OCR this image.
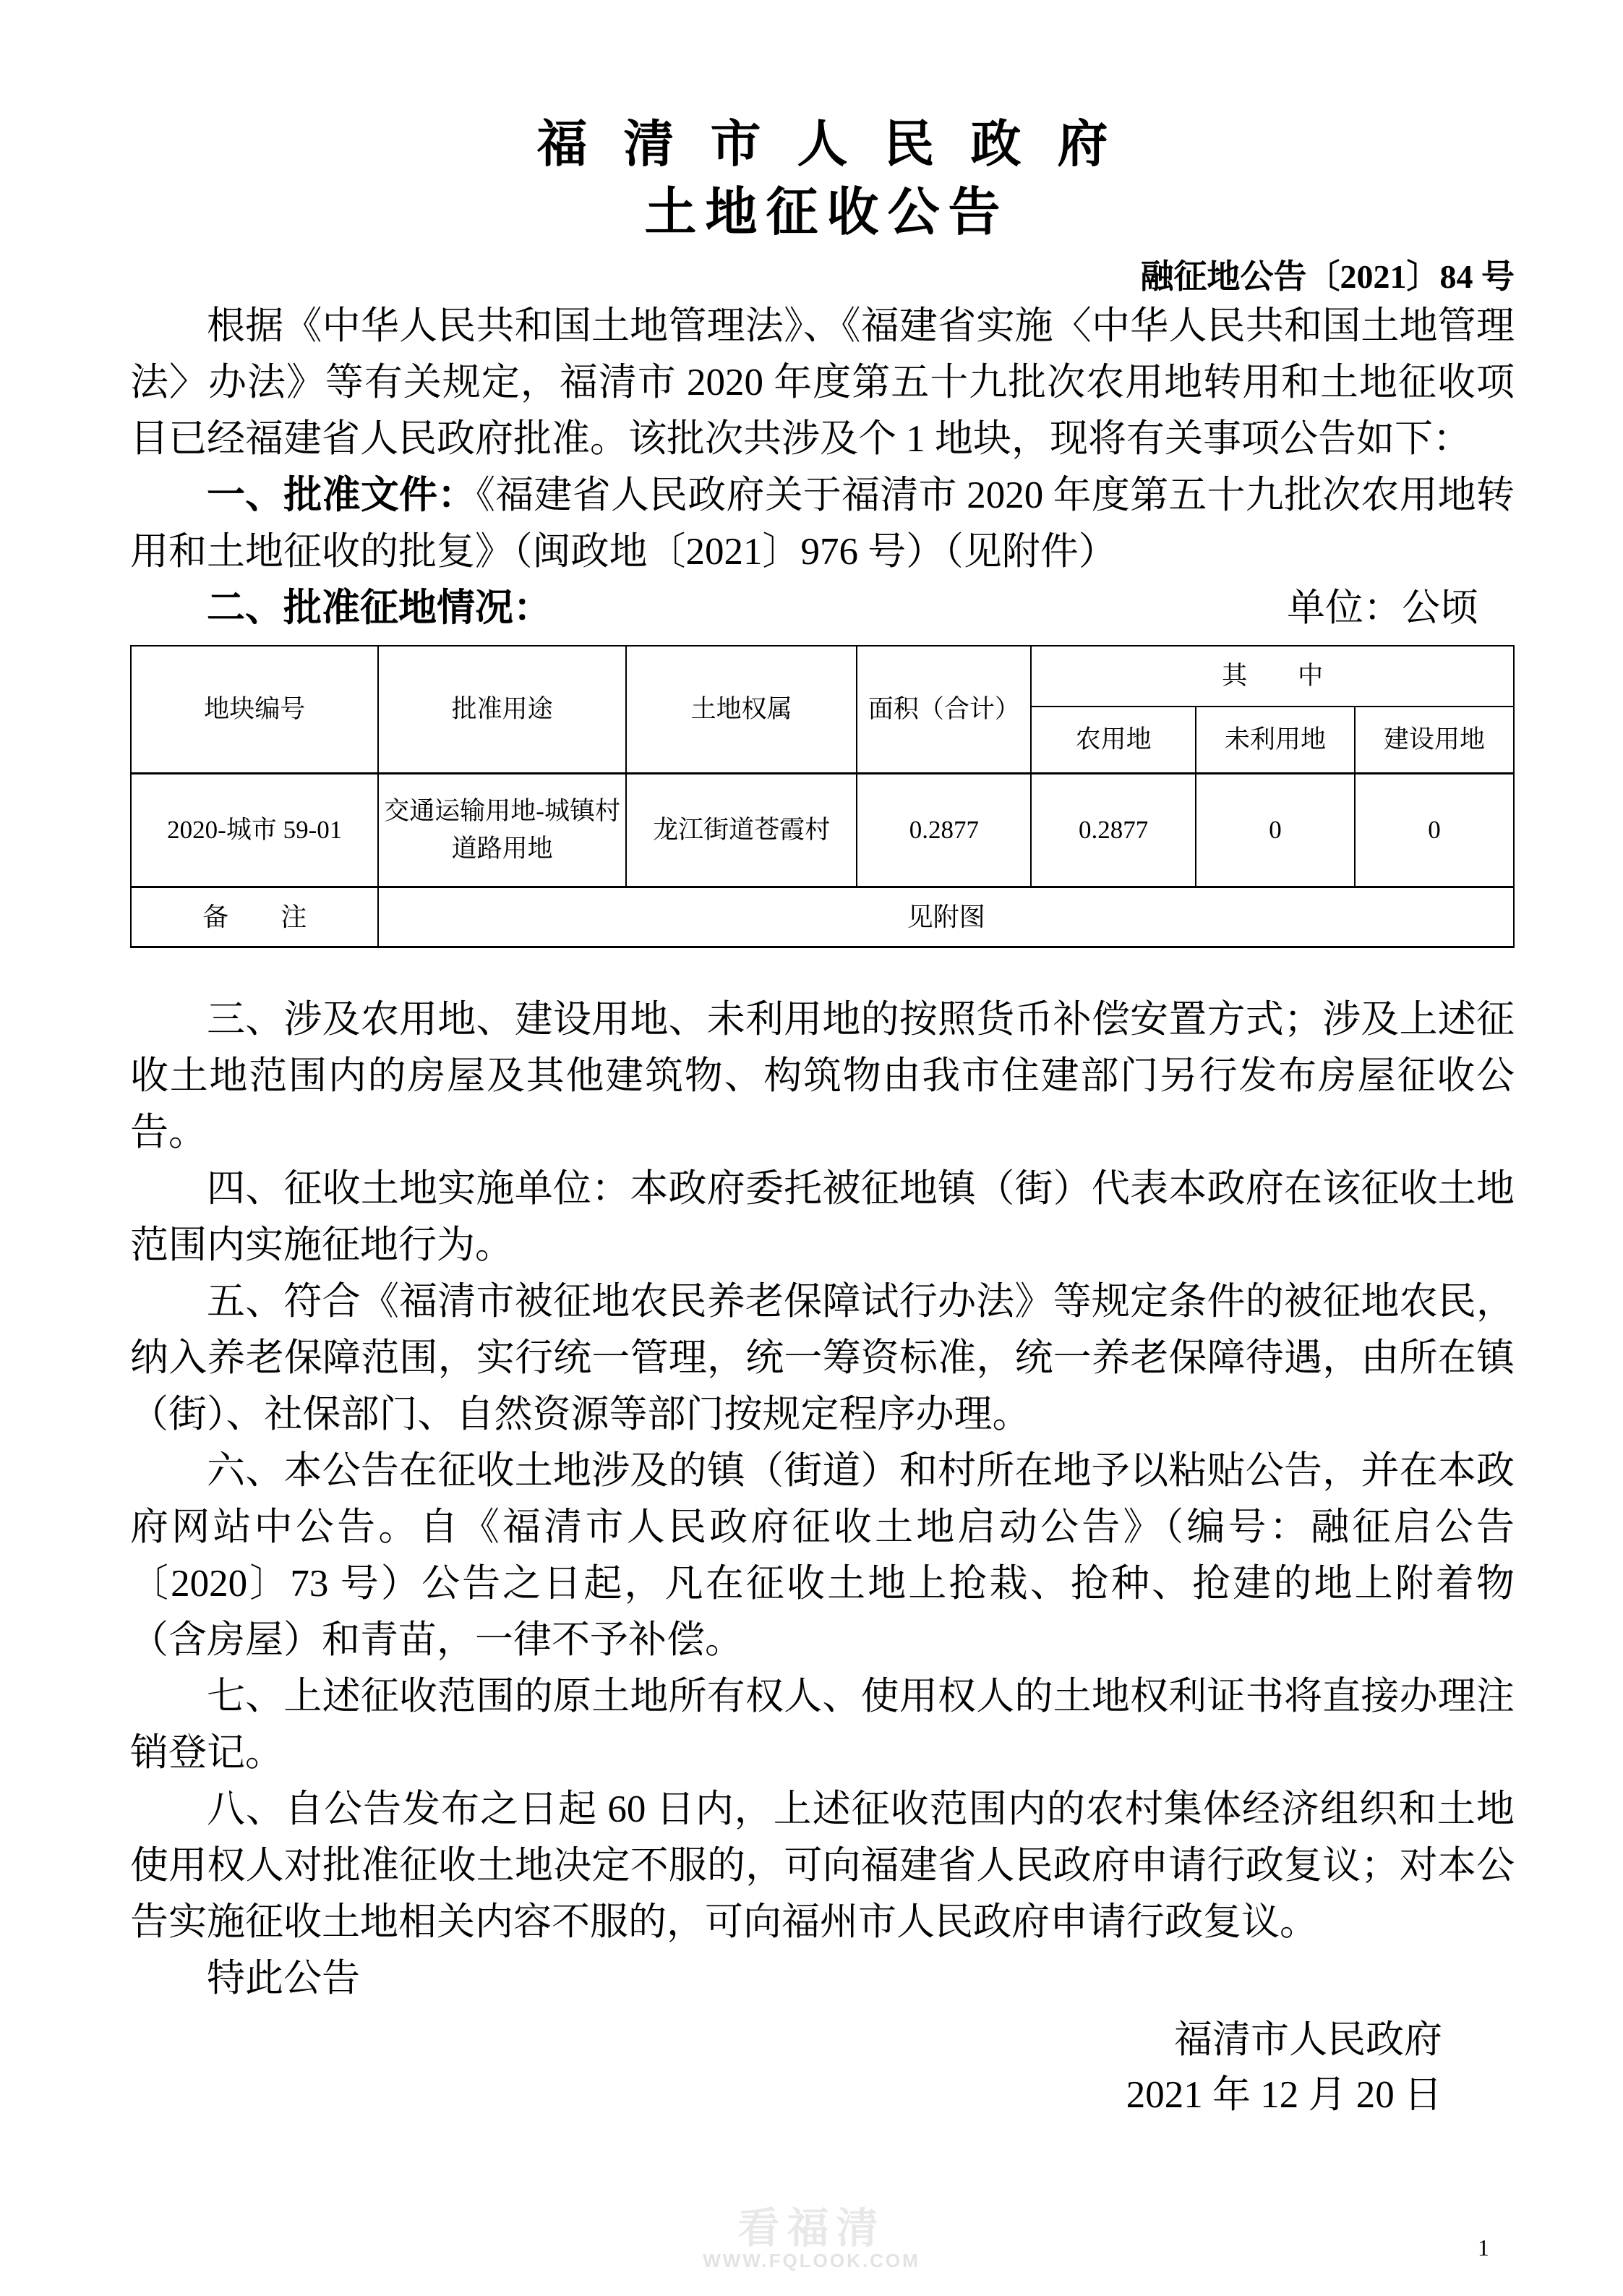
福清市人民政府
土地征收公告
融征地公告〔2021〕84 号

根据《中华人民共和国土地管理法》、《福建省实施〈中华人民共和国土地管理法〉办法》等有关规定，福清市 2020 年度第五十九批次农用地转用和土地征收项目已经福建省人民政府批准。该批次共涉及个 1 地块，现将有关事项公告如下：

一、批准文件：《福建省人民政府关于福清市 2020 年度第五十九批次农用地转用和土地征收的批复》（闽政地〔2021〕976 号）（见附件）

二、批准征地情况：	单位：公顷
地块编号	批准用途	土地权属	面积（合计）	其　　中		
				农用地	未利用地	建设用地
2020-城市 59-01	交通运输用地-城镇村道路用地	龙江街道苍霞村	0.2877	0.2877	0	0
备　　注	见附图					

三、涉及农用地、建设用地、未利用地的按照货币补偿安置方式；涉及上述征收土地范围内的房屋及其他建筑物、构筑物由我市住建部门另行发布房屋征收公告。

四、征收土地实施单位：本政府委托被征地镇（街）代表本政府在该征收土地范围内实施征地行为。

五、符合《福清市被征地农民养老保障试行办法》等规定条件的被征地农民，纳入养老保障范围，实行统一管理，统一筹资标准，统一养老保障待遇，由所在镇（街）、社保部门、自然资源等部门按规定程序办理。

六、本公告在征收土地涉及的镇（街道）和村所在地予以粘贴公告，并在本政府网站中公告。自《福清市人民政府征收土地启动公告》（编号：融征启公告〔2020〕73 号）公告之日起，凡在征收土地上抢栽、抢种、抢建的地上附着物（含房屋）和青苗，一律不予补偿。

七、上述征收范围的原土地所有权人、使用权人的土地权利证书将直接办理注销登记。

八、自公告发布之日起 60 日内，上述征收范围内的农村集体经济组织和土地使用权人对批准征收土地决定不服的，可向福建省人民政府申请行政复议；对本公告实施征收土地相关内容不服的，可向福州市人民政府申请行政复议。

特此公告

福清市人民政府
2021 年 12 月 20 日
看福清
WWW.FQLOOK.COM	1
